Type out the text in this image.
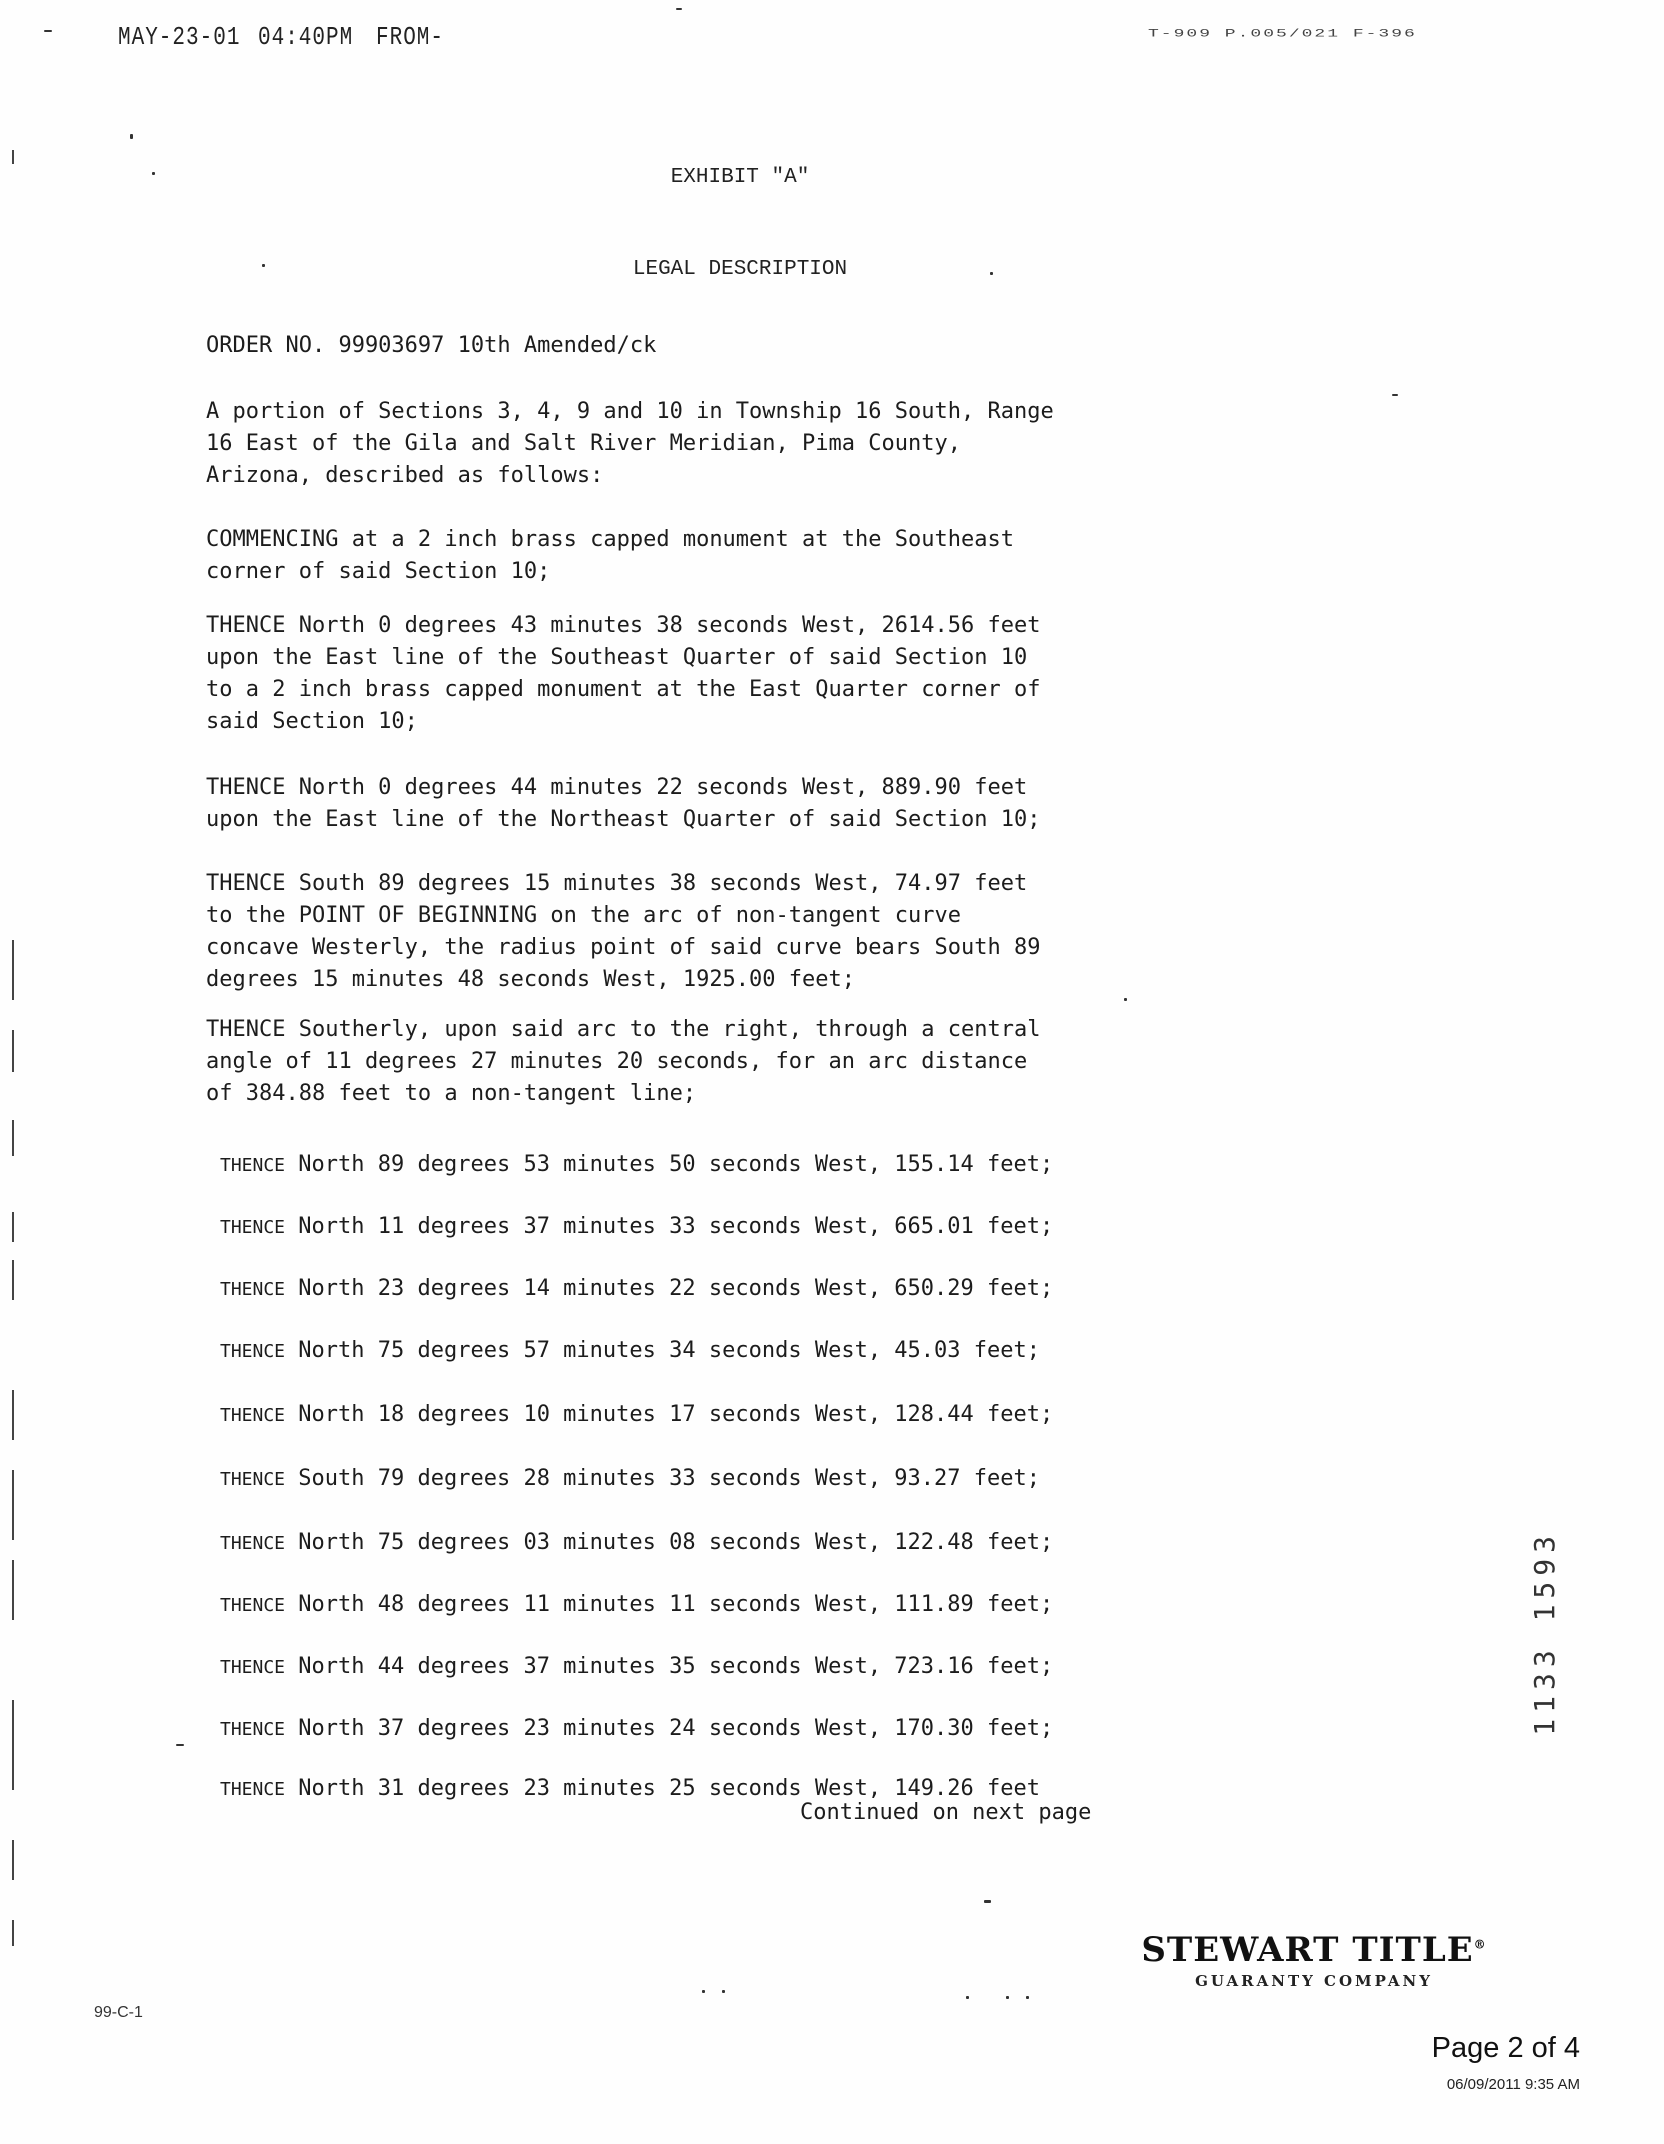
MAY-23-01 04:40PM FROM-	T-909 P.005/021 F-396
EXHIBIT "A"
LEGAL DESCRIPTION
ORDER NO. 99903697 10th Amended/ck

A portion of Sections 3, 4, 9 and 10 in Township 16 South, Range
16 East of the Gila and Salt River Meridian, Pima County,
Arizona, described as follows:

COMMENCING at a 2 inch brass capped monument at the Southeast
corner of said Section 10;

THENCE North 0 degrees 43 minutes 38 seconds West, 2614.56 feet
upon the East line of the Southeast Quarter of said Section 10
to a 2 inch brass capped monument at the East Quarter corner of
said Section 10;

THENCE North 0 degrees 44 minutes 22 seconds West, 889.90 feet
upon the East line of the Northeast Quarter of said Section 10;

THENCE South 89 degrees 15 minutes 38 seconds West, 74.97 feet
to the POINT OF BEGINNING on the arc of non-tangent curve
concave Westerly, the radius point of said curve bears South 89
degrees 15 minutes 48 seconds West, 1925.00 feet;

THENCE Southerly, upon said arc to the right, through a central
angle of 11 degrees 27 minutes 20 seconds, for an arc distance
of 384.88 feet to a non-tangent line;

THENCE North 89 degrees 53 minutes 50 seconds West, 155.14 feet;
THENCE North 11 degrees 37 minutes 33 seconds West, 665.01 feet;
THENCE North 23 degrees 14 minutes 22 seconds West, 650.29 feet;
THENCE North 75 degrees 57 minutes 34 seconds West, 45.03 feet;
THENCE North 18 degrees 10 minutes 17 seconds West, 128.44 feet;
THENCE South 79 degrees 28 minutes 33 seconds West, 93.27 feet;
THENCE North 75 degrees 03 minutes 08 seconds West, 122.48 feet;
THENCE North 48 degrees 11 minutes 11 seconds West, 111.89 feet;
THENCE North 44 degrees 37 minutes 35 seconds West, 723.16 feet;
THENCE North 37 degrees 23 minutes 24 seconds West, 170.30 feet;
THENCE North 31 degrees 23 minutes 25 seconds West, 149.26 feet
Continued on next page
1133 1593
STEWART TITLE®
GUARANTY COMPANY
99-C-1
Page 2 of 4
06/09/2011 9:35 AM
